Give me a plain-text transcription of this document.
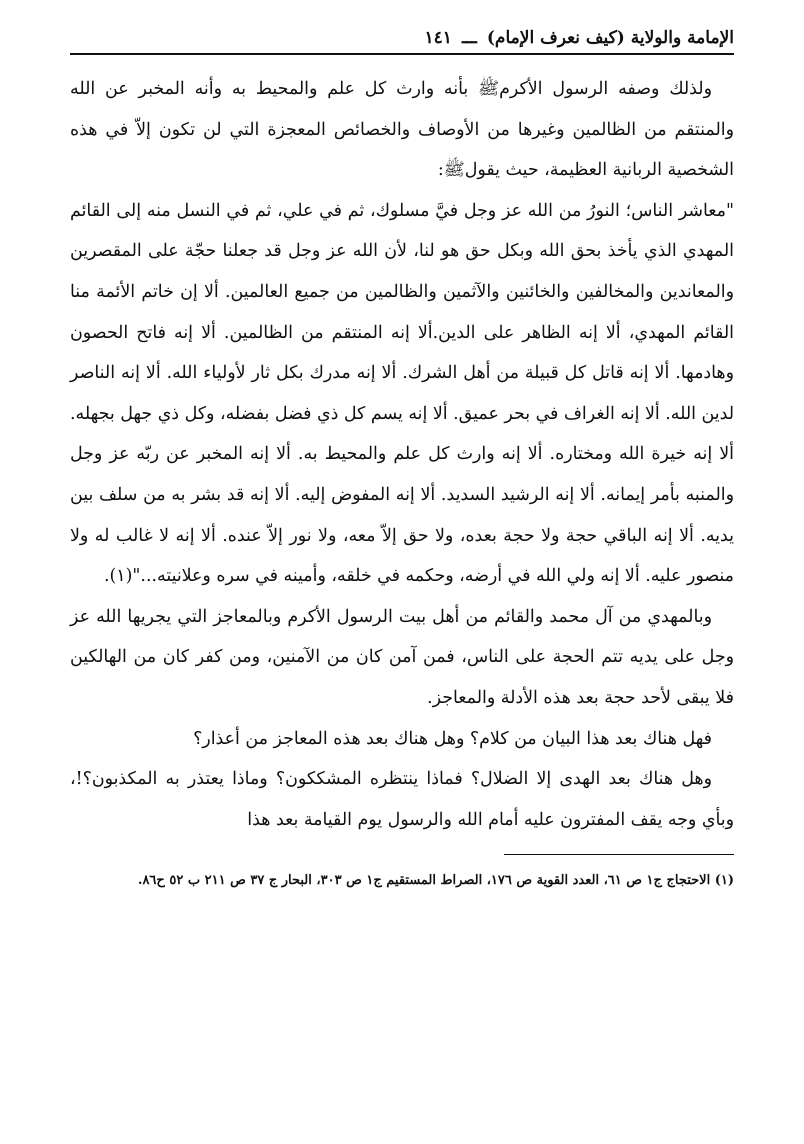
الإمامة والولاية (كيف نعرف الإمام)
ـــ
١٤١

ولذلك وصفه الرسول الأكرمﷺ بأنه وارث كل علم والمحيط به وأنه المخبر عن الله والمنتقم من الظالمين وغيرها من الأوصاف والخصائص المعجزة التي لن تكون إلاّ في هذه الشخصية الربانية العظيمة، حيث يقولﷺ:

"معاشر الناس؛ النورُ من الله عز وجل فيَّ مسلوك، ثم في علي، ثم في النسل منه إلى القائم المهدي الذي يأخذ بحق الله وبكل حق هو لنا، لأن الله عز وجل قد جعلنا حجّة على المقصرين والمعاندين والمخالفين والخائنين والآثمين والظالمين من جميع العالمين. ألا إن خاتم الأئمة منا القائم المهدي، ألا إنه الظاهر على الدين.ألا إنه المنتقم من الظالمين. ألا إنه فاتح الحصون وهادمها. ألا إنه قاتل كل قبيلة من أهل الشرك. ألا إنه مدرك بكل ثار لأولياء الله. ألا إنه الناصر لدين الله. ألا إنه الغراف في بحر عميق. ألا إنه يسم كل ذي فضل بفضله، وكل ذي جهل بجهله. ألا إنه خيرة الله ومختاره. ألا إنه وارث كل علم والمحيط به. ألا إنه المخبر عن ربّه عز وجل والمنبه بأمر إيمانه. ألا إنه الرشيد السديد. ألا إنه المفوض إليه. ألا إنه قد بشر به من سلف بين يديه. ألا إنه الباقي حجة ولا حجة بعده، ولا حق إلاّ معه، ولا نور إلاّ عنده. ألا إنه لا غالب له ولا منصور عليه. ألا إنه ولي الله في أرضه، وحكمه في خلقه، وأمينه في سره وعلانيته..."(١).

وبالمهدي من آل محمد والقائم من أهل بيت الرسول الأكرم وبالمعاجز التي يجريها الله عز وجل على يديه تتم الحجة على الناس، فمن آمن كان من الآمنين، ومن كفر كان من الهالكين فلا يبقى لأحد حجة بعد هذه الأدلة والمعاجز.

فهل هناك بعد هذا البيان من كلام؟ وهل هناك بعد هذه المعاجز من أعذار؟

وهل هناك بعد الهدى إلا الضلال؟ فماذا ينتظره المشككون؟ وماذا يعتذر به المكذبون؟!، وبأي وجه يقف المفترون عليه أمام الله والرسول يوم القيامة بعد هذا

(١) الاحتجاج ج١ ص ٦١، العدد القوية ص ١٧٦، الصراط المستقيم ج١ ص ٣٠٣، البحار ج ٣٧ ص ٢١١ ب ٥٢ ح٨٦.
